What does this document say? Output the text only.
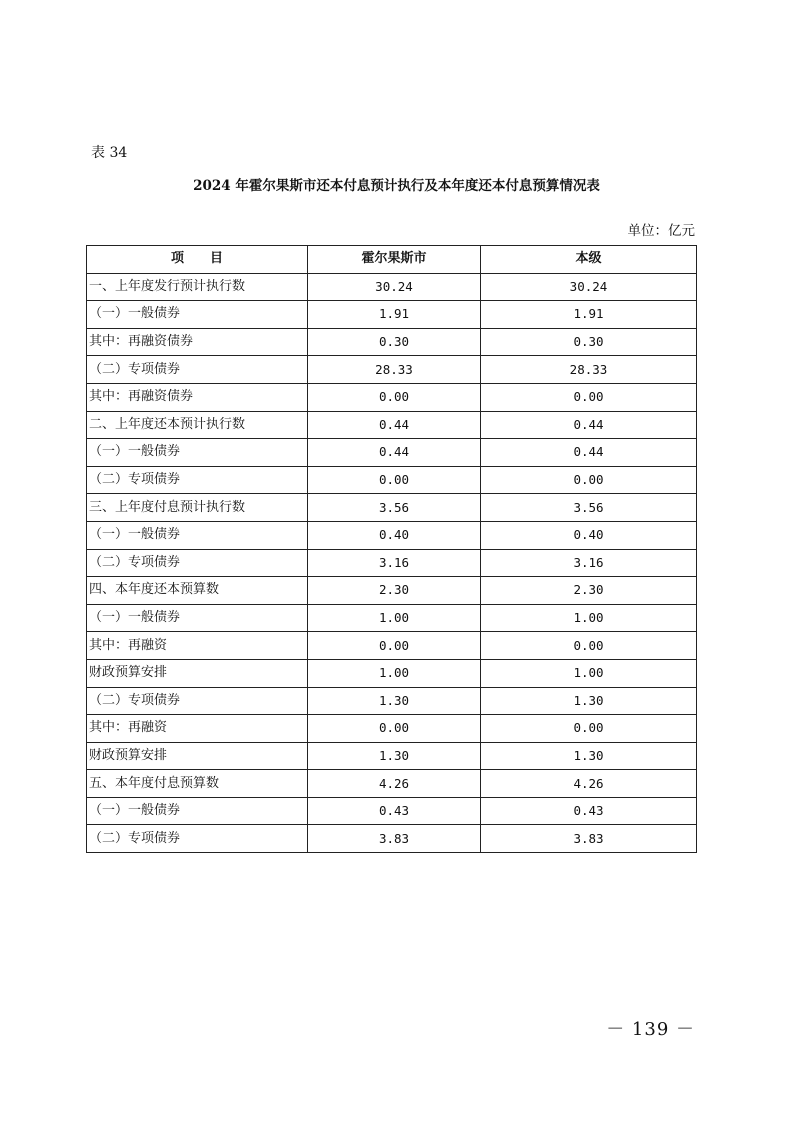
表 34
2024 年霍尔果斯市还本付息预计执行及本年度还本付息预算情况表
单位：亿元
项　　目	霍尔果斯市	本级
一、上年度发行预计执行数	30.24	30.24
（一）一般债券	1.91	1.91
其中：再融资债券	0.30	0.30
（二）专项债券	28.33	28.33
其中：再融资债券	0.00	0.00
二、上年度还本预计执行数	0.44	0.44
（一）一般债券	0.44	0.44
（二）专项债券	0.00	0.00
三、上年度付息预计执行数	3.56	3.56
（一）一般债券	0.40	0.40
（二）专项债券	3.16	3.16
四、本年度还本预算数	2.30	2.30
（一）一般债券	1.00	1.00
其中：再融资	0.00	0.00
财政预算安排	1.00	1.00
（二）专项债券	1.30	1.30
其中：再融资	0.00	0.00
财政预算安排	1.30	1.30
五、本年度付息预算数	4.26	4.26
（一）一般债券	0.43	0.43
（二）专项债券	3.83	3.83
－ 139 －
